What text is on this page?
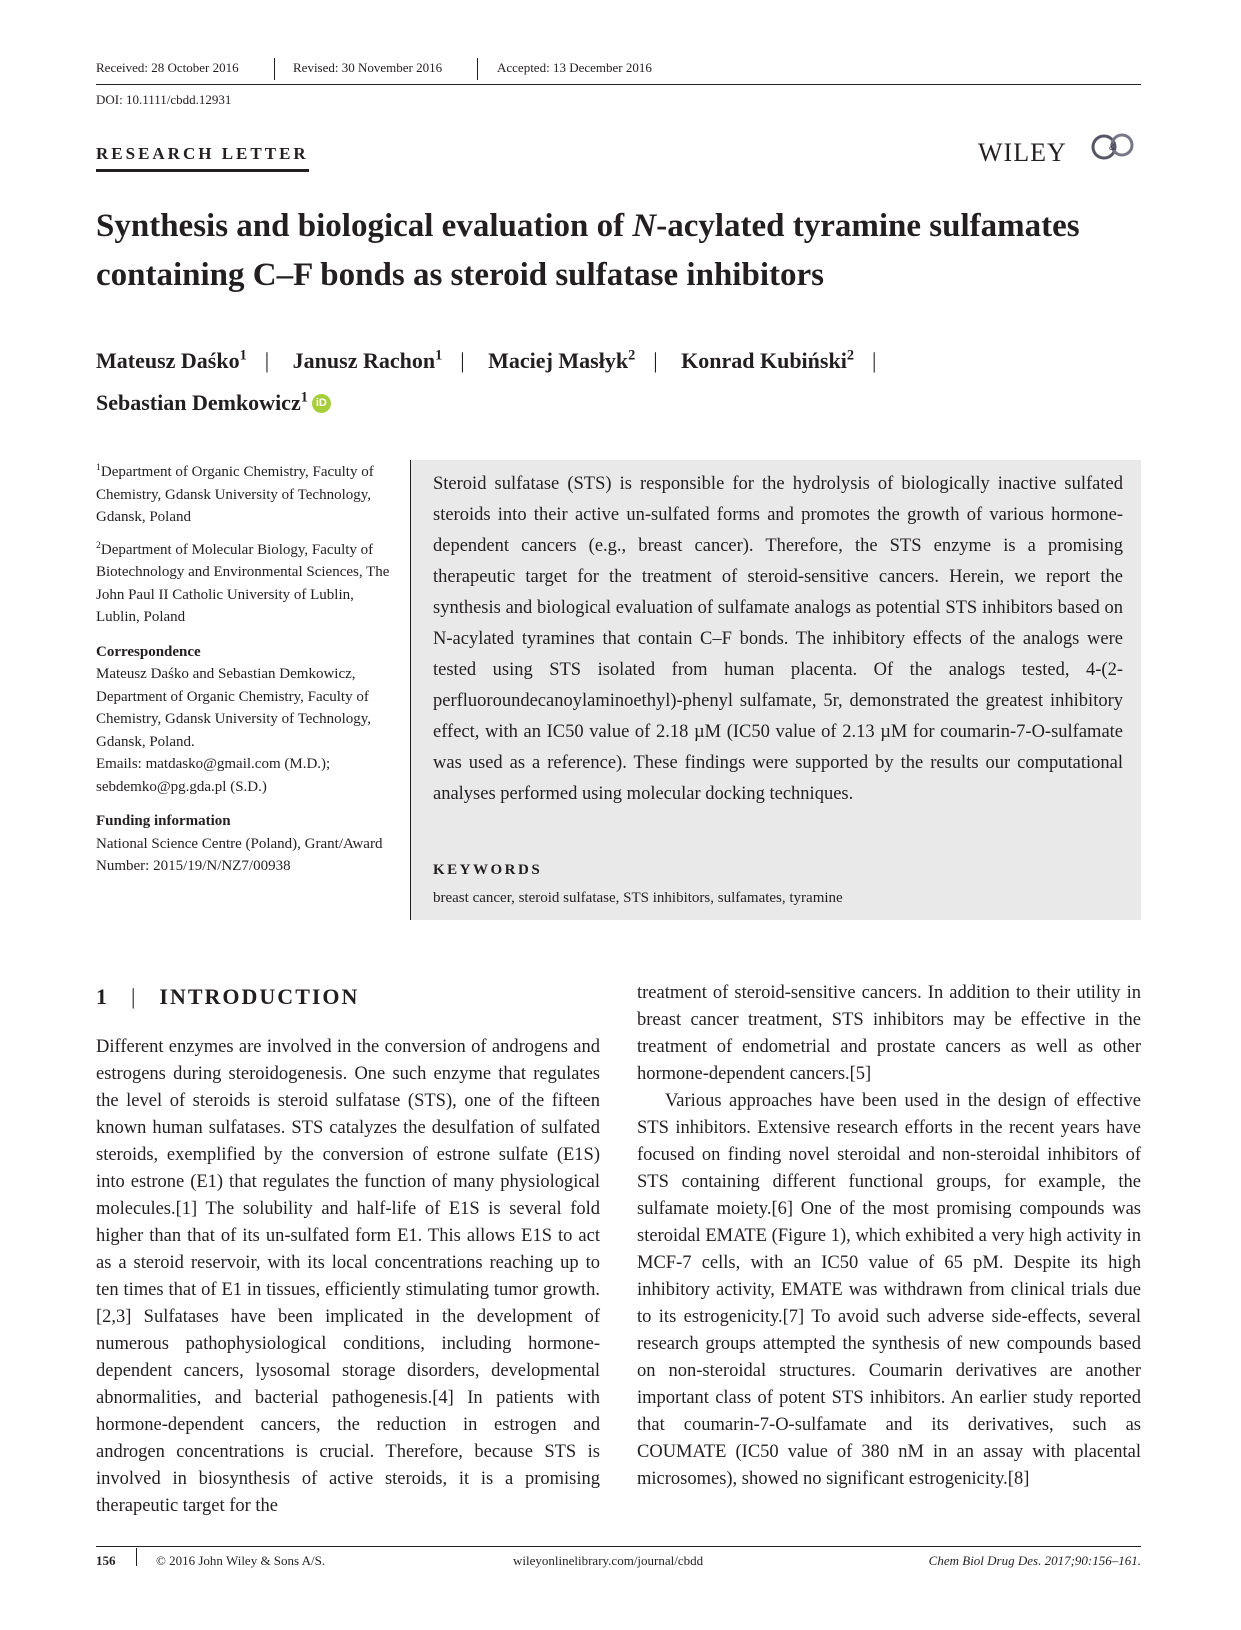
Received: 28 October 2016	Revised: 30 November 2016	Accepted: 13 December 2016
DOI: 10.1111/cbdd.12931
RESEARCH LETTER	WILEY	&
Synthesis and biological evaluation of N-acylated tyramine sulfamates containing C–F bonds as steroid sulfatase inhibitors
Mateusz Daśko$^1$ | Janusz Rachon$^1$ | Maciej Masłyk$^2$ | Konrad Kubiński$^2$ |
Sebastian Demkowicz$^1$ iD

$^1$Department of Organic Chemistry, Faculty of Chemistry, Gdansk University of Technology, Gdansk, Poland

$^2$Department of Molecular Biology, Faculty of Biotechnology and Environmental Sciences, The John Paul II Catholic University of Lublin, Lublin, Poland

Correspondence

Mateusz Daśko and Sebastian Demkowicz, Department of Organic Chemistry, Faculty of Chemistry, Gdansk University of Technology, Gdansk, Poland.
Emails: matdasko@gmail.com (M.D.); sebdemko@pg.gda.pl (S.D.)

Funding information

National Science Centre (Poland), Grant/Award Number: 2015/19/N/NZ7/00938

Steroid sulfatase (STS) is responsible for the hydrolysis of biologically inactive sulfated steroids into their active un-sulfated forms and promotes the growth of various hormone-dependent cancers (e.g., breast cancer). Therefore, the STS enzyme is a promising therapeutic target for the treatment of steroid-sensitive cancers. Herein, we report the synthesis and biological evaluation of sulfamate analogs as potential STS inhibitors based on N-acylated tyramines that contain C–F bonds. The inhibitory effects of the analogs were tested using STS isolated from human placenta. Of the analogs tested, 4-(2-perfluoroundecanoylaminoethyl)-phenyl sulfamate, 5r, demonstrated the greatest inhibitory effect, with an IC50 value of 2.18 µM (IC50 value of 2.13 µM for coumarin-7-O-sulfamate was used as a reference). These findings were supported by the results our computational analyses performed using molecular docking techniques.
KEYWORDS
breast cancer, steroid sulfatase, STS inhibitors, sulfamates, tyramine
1 | INTRODUCTION

Different enzymes are involved in the conversion of androgens and estrogens during steroidogenesis. One such enzyme that regulates the level of steroids is steroid sulfatase (STS), one of the fifteen known human sulfatases. STS catalyzes the desulfation of sulfated steroids, exemplified by the conversion of estrone sulfate (E1S) into estrone (E1) that regulates the function of many physiological molecules.[1] The solubility and half-life of E1S is several fold higher than that of its un-sulfated form E1. This allows E1S to act as a steroid reservoir, with its local concentrations reaching up to ten times that of E1 in tissues, efficiently stimulating tumor growth.[2,3] Sulfatases have been implicated in the development of numerous pathophysiological conditions, including hormone-dependent cancers, lysosomal storage disorders, developmental abnormalities, and bacterial pathogenesis.[4] In patients with hormone-dependent cancers, the reduction in estrogen and androgen concentrations is crucial. Therefore, because STS is involved in biosynthesis of active steroids, it is a promising therapeutic target for the

treatment of steroid-sensitive cancers. In addition to their utility in breast cancer treatment, STS inhibitors may be effective in the treatment of endometrial and prostate cancers as well as other hormone-dependent cancers.[5]

Various approaches have been used in the design of effective STS inhibitors. Extensive research efforts in the recent years have focused on finding novel steroidal and non-steroidal inhibitors of STS containing different functional groups, for example, the sulfamate moiety.[6] One of the most promising compounds was steroidal EMATE (Figure 1), which exhibited a very high activity in MCF-7 cells, with an IC50 value of 65 pM. Despite its high inhibitory activity, EMATE was withdrawn from clinical trials due to its estrogenicity.[7] To avoid such adverse side-effects, several research groups attempted the synthesis of new compounds based on non-steroidal structures. Coumarin derivatives are another important class of potent STS inhibitors. An earlier study reported that coumarin-7-O-sulfamate and its derivatives, such as COUMATE (IC50 value of 380 nM in an assay with placental microsomes), showed no significant estrogenicity.[8]

156	© 2016 John Wiley & Sons A/S.	wileyonlinelibrary.com/journal/cbdd	Chem Biol Drug Des. 2017;90:156–161.
